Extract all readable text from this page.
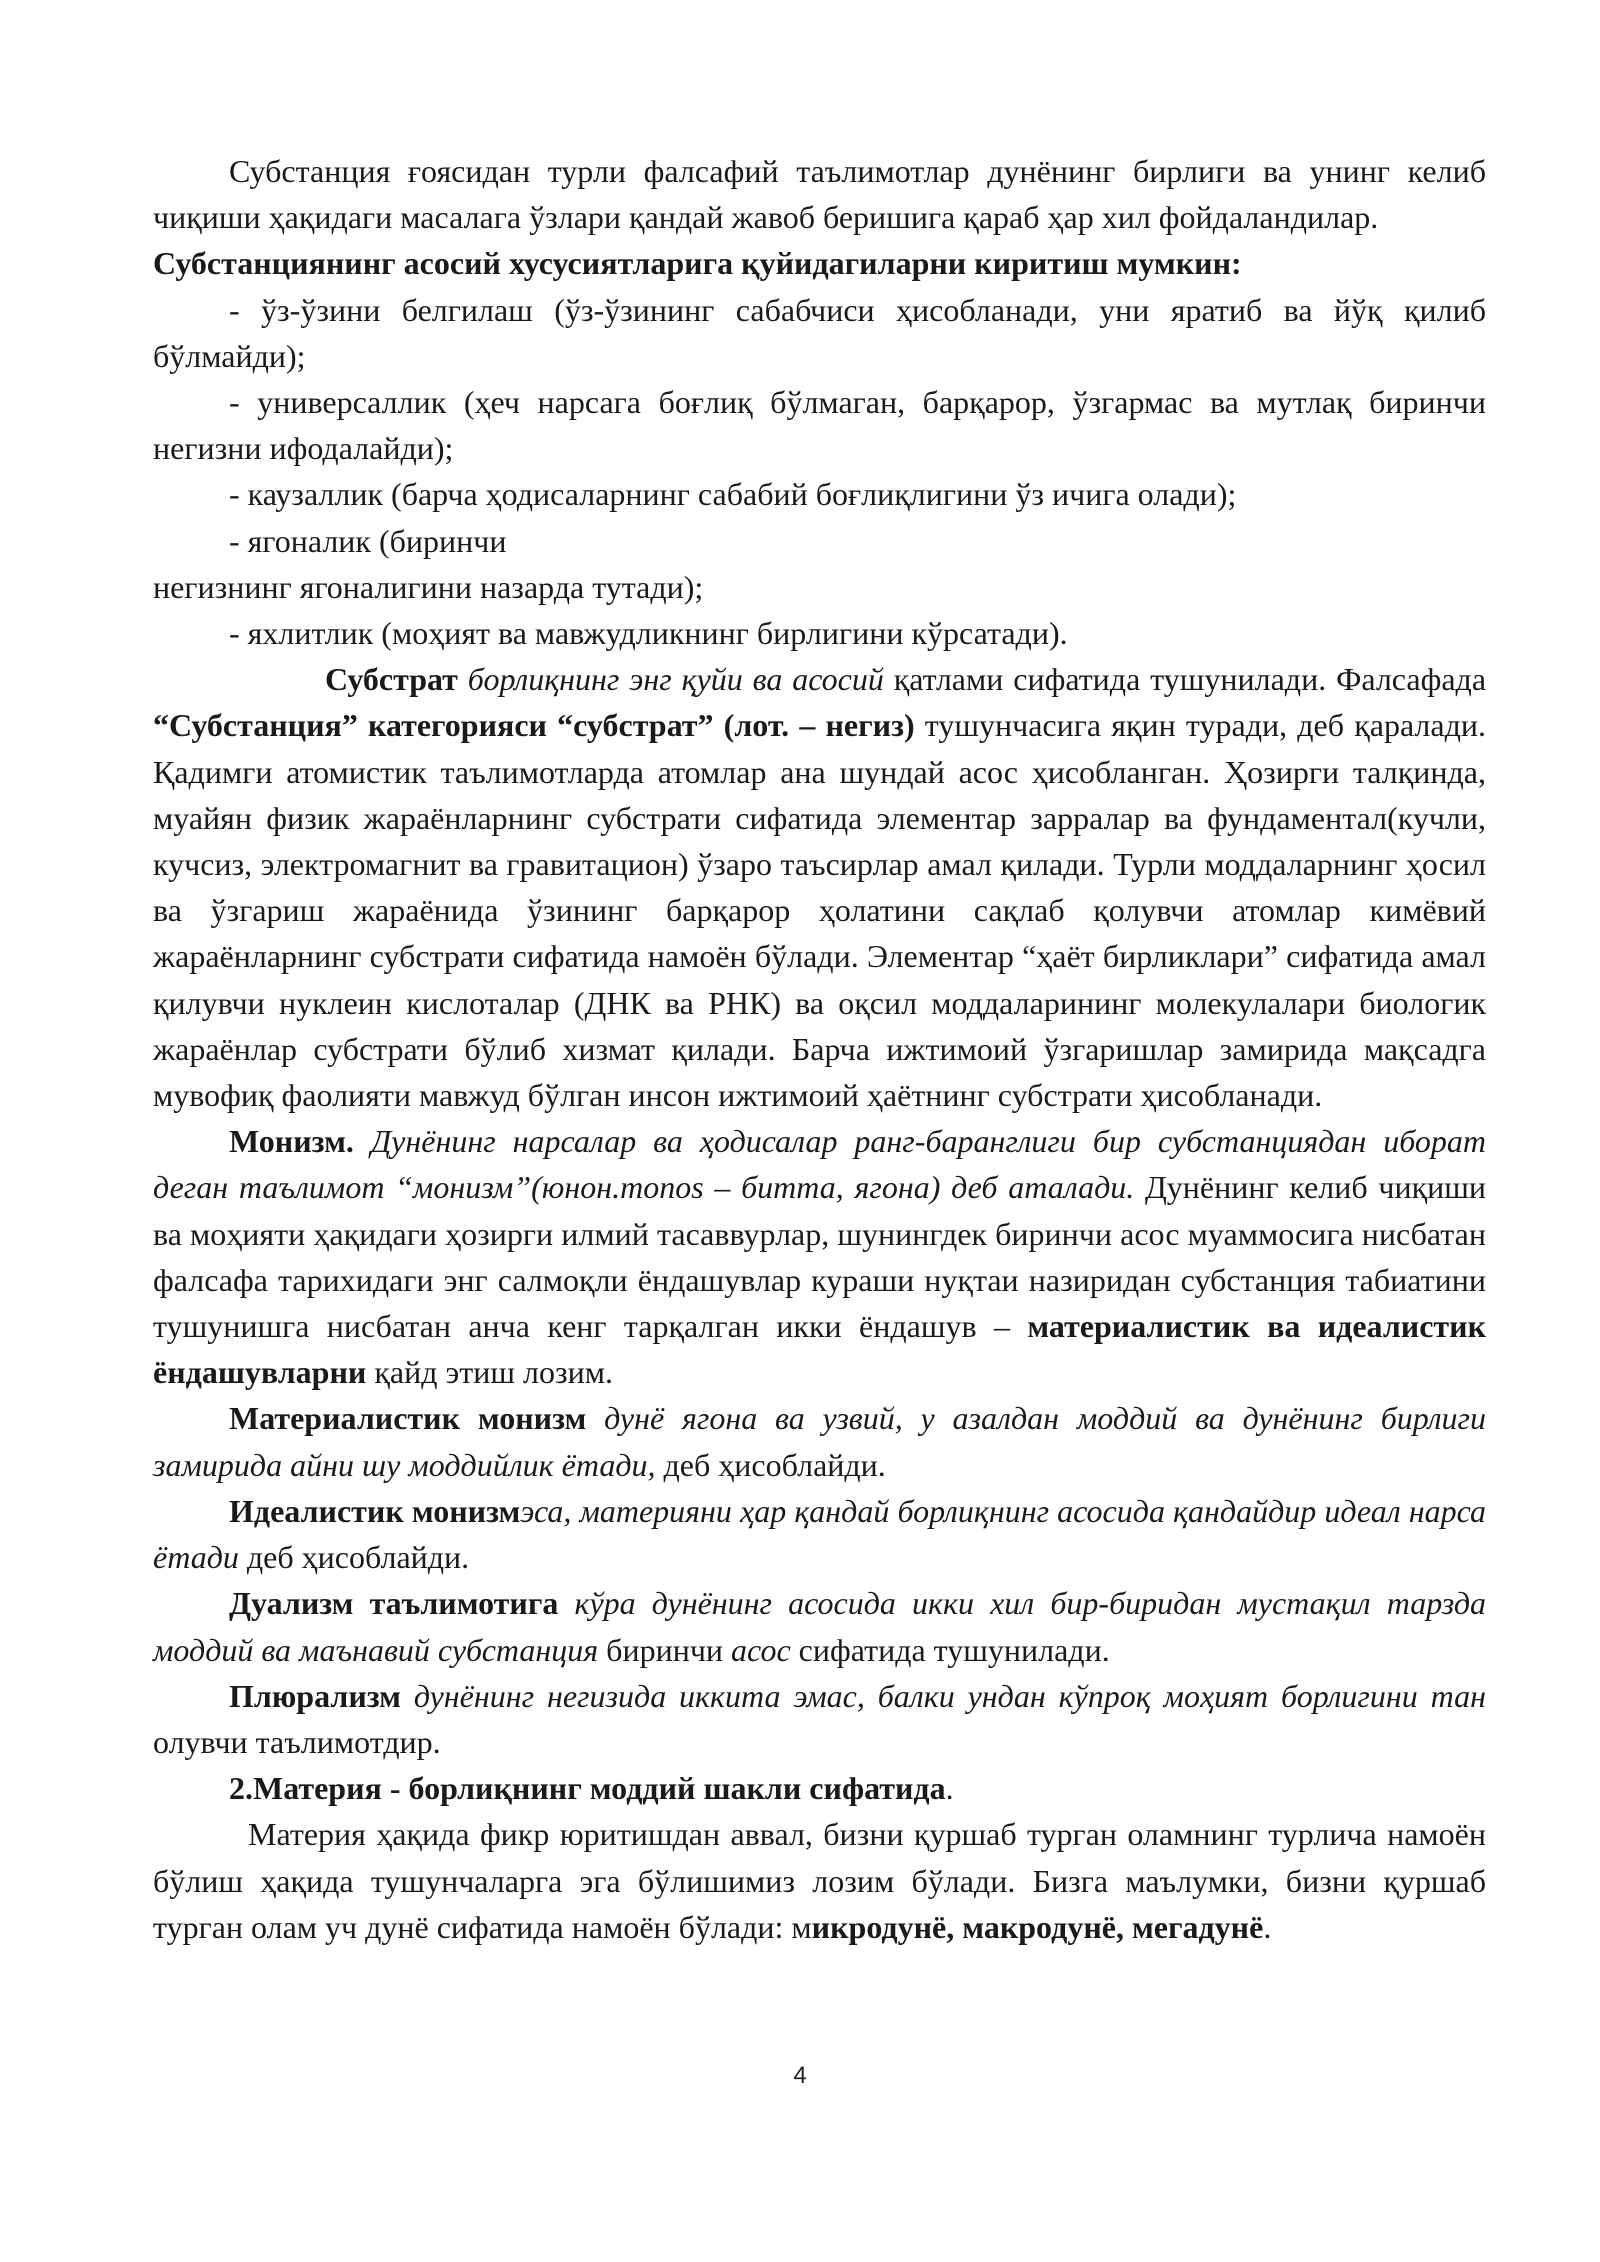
Субстанция ғоясидан турли фалсафий таълимотлар дунёнинг бирлиги ва унинг келиб чиқиши ҳақидаги масалага ўзлари қандай жавоб беришига қараб ҳар хил фойдаландилар.

Субстанциянинг асосий хусусиятларига қуйидагиларни киритиш мумкин:

- ўз-ўзини белгилаш (ўз-ўзининг сабабчиси ҳисобланади, уни яратиб ва йўқ қилиб бўлмайди);

- универсаллик (ҳеч нарсага боғлиқ бўлмаган, барқарор, ўзгармас ва мутлақ биринчи негизни ифодалайди);

- каузаллик (барча ҳодисаларнинг сабабий боғлиқлигини ўз ичига олади);

- ягоналик (биринчи

негизнинг ягоналигини назарда тутади);

- яхлитлик (моҳият ва мавжудликнинг бирлигини кўрсатади).

Субстрат борлиқнинг энг қуйи ва асосий қатлами сифатида тушунилади. Фалсафада “Субстанция” категорияси “субстрат” (лот. – негиз) тушунчасига яқин туради, деб қаралади. Қадимги атомистик таълимотларда атомлар ана шундай асос ҳисобланган. Ҳозирги талқинда, муайян физик жараёнларнинг субстрати сифатида элементар зарралар ва фундаментал(кучли, кучсиз, электромагнит ва гравитацион) ўзаро таъсирлар амал қилади. Турли моддаларнинг ҳосил ва ўзгариш жараёнида ўзининг барқарор ҳолатини сақлаб қолувчи атомлар кимёвий жараёнларнинг субстрати сифатида намоён бўлади. Элементар “ҳаёт бирликлари” сифатида амал қилувчи нуклеин кислоталар (ДНК ва РНК) ва оқсил моддаларининг молекулалари биологик жараёнлар субстрати бўлиб хизмат қилади. Барча ижтимоий ўзгаришлар замирида мақсадга мувофиқ фаолияти мавжуд бўлган инсон ижтимоий ҳаётнинг субстрати ҳисобланади.

Монизм. Дунёнинг нарсалар ва ҳодисалар ранг-баранглиги бир субстанциядан иборат деган таълимот “монизм”(юнон.monos – битта, ягона) деб аталади. Дунёнинг келиб чиқиши ва моҳияти ҳақидаги ҳозирги илмий тасаввурлар, шунингдек биринчи асос муаммосига нисбатан фалсафа тарихидаги энг салмоқли ёндашувлар кураши нуқтаи назиридан субстанция табиатини тушунишга нисбатан анча кенг тарқалган икки ёндашув – материалистик ва идеалистик ёндашувларни қайд этиш лозим.

Материалистик монизм дунё ягона ва узвий, у азалдан моддий ва дунёнинг бирлиги замирида айни шу моддийлик ётади, деб ҳисоблайди.

Идеалистик монизмэса, материяни ҳар қандай борлиқнинг асосида қандайдир идеал нарса ётади деб ҳисоблайди.

Дуализм таълимотига кўра дунёнинг асосида икки хил бир-биридан мустақил тарзда моддий ва маънавий субстанция биринчи асос сифатида тушунилади.

Плюрализм дунёнинг негизида иккита эмас, балки ундан кўпроқ моҳият борлигини тан олувчи таълимотдир.

2.Материя - борлиқнинг моддий шакли сифатида.

Материя ҳақида фикр юритишдан аввал, бизни қуршаб турган оламнинг турлича намоён бўлиш ҳақида тушунчаларга эга бўлишимиз лозим бўлади. Бизга маълумки, бизни қуршаб турган олам уч дунё сифатида намоён бўлади: микродунё, макродунё, мегадунё.

4
